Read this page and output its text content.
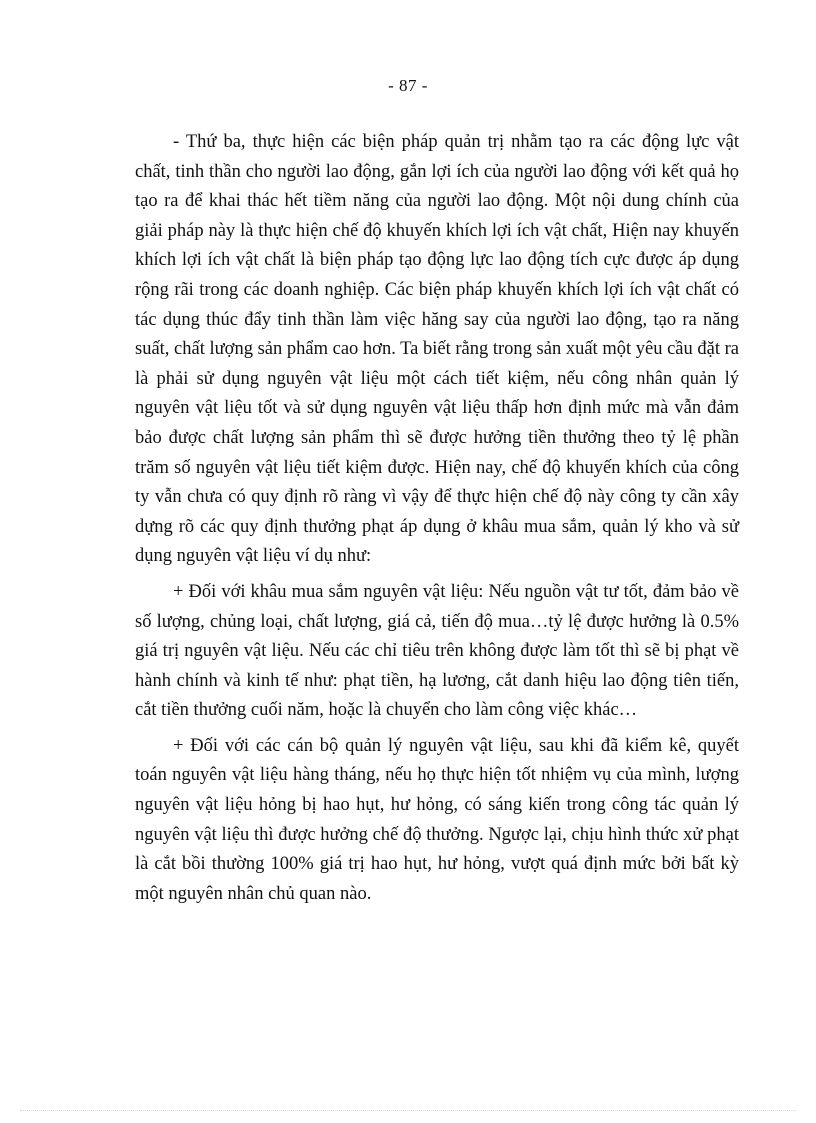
- 87 -

- Thứ ba, thực hiện các biện pháp quản trị nhằm tạo ra các động lực vật chất, tinh thần cho người lao động, gắn lợi ích của người lao động với kết quả họ tạo ra để khai thác hết tiềm năng của người lao động. Một nội dung chính của giải pháp này là thực hiện chế độ khuyến khích lợi ích vật chất, Hiện nay khuyến khích lợi ích vật chất là biện pháp tạo động lực lao động tích cực được áp dụng rộng rãi trong các doanh nghiệp. Các biện pháp khuyến khích lợi ích vật chất có tác dụng thúc đẩy tinh thần làm việc hăng say của người lao động, tạo ra năng suất, chất lượng sản phẩm cao hơn. Ta biết rằng trong sản xuất một yêu cầu đặt ra là phải sử dụng nguyên vật liệu một cách tiết kiệm, nếu công nhân quản lý nguyên vật liệu tốt và sử dụng nguyên vật liệu thấp hơn định mức mà vẫn đảm bảo được chất lượng sản phẩm thì sẽ được hưởng tiền thưởng theo tỷ lệ phần trăm số nguyên vật liệu tiết kiệm được. Hiện nay, chế độ khuyến khích của công ty vẫn chưa có quy định rõ ràng vì vậy để thực hiện chế độ này công ty cần xây dựng rõ các quy định thưởng phạt áp dụng ở khâu mua sắm, quản lý kho và sử dụng nguyên vật liệu ví dụ như:

+ Đối với khâu mua sắm nguyên vật liệu: Nếu nguồn vật tư tốt, đảm bảo về số lượng, chủng loại, chất lượng, giá cả, tiến độ mua…tỷ lệ được hưởng là 0.5% giá trị nguyên vật liệu. Nếu các chỉ tiêu trên không được làm tốt thì sẽ bị phạt về hành chính và kinh tế như: phạt tiền, hạ lương, cắt danh hiệu lao động tiên tiến, cắt tiền thưởng cuối năm, hoặc là chuyển cho làm công việc khác…

+ Đối với các cán bộ quản lý nguyên vật liệu, sau khi đã kiểm kê, quyết toán nguyên vật liệu hàng tháng, nếu họ thực hiện tốt nhiệm vụ của mình, lượng nguyên vật liệu hỏng bị hao hụt, hư hỏng, có sáng kiến trong công tác quản lý nguyên vật liệu thì được hưởng chế độ thưởng. Ngược lại, chịu hình thức xử phạt là cắt bồi thường 100% giá trị hao hụt, hư hỏng, vượt quá định mức bởi bất kỳ một nguyên nhân chủ quan nào.
